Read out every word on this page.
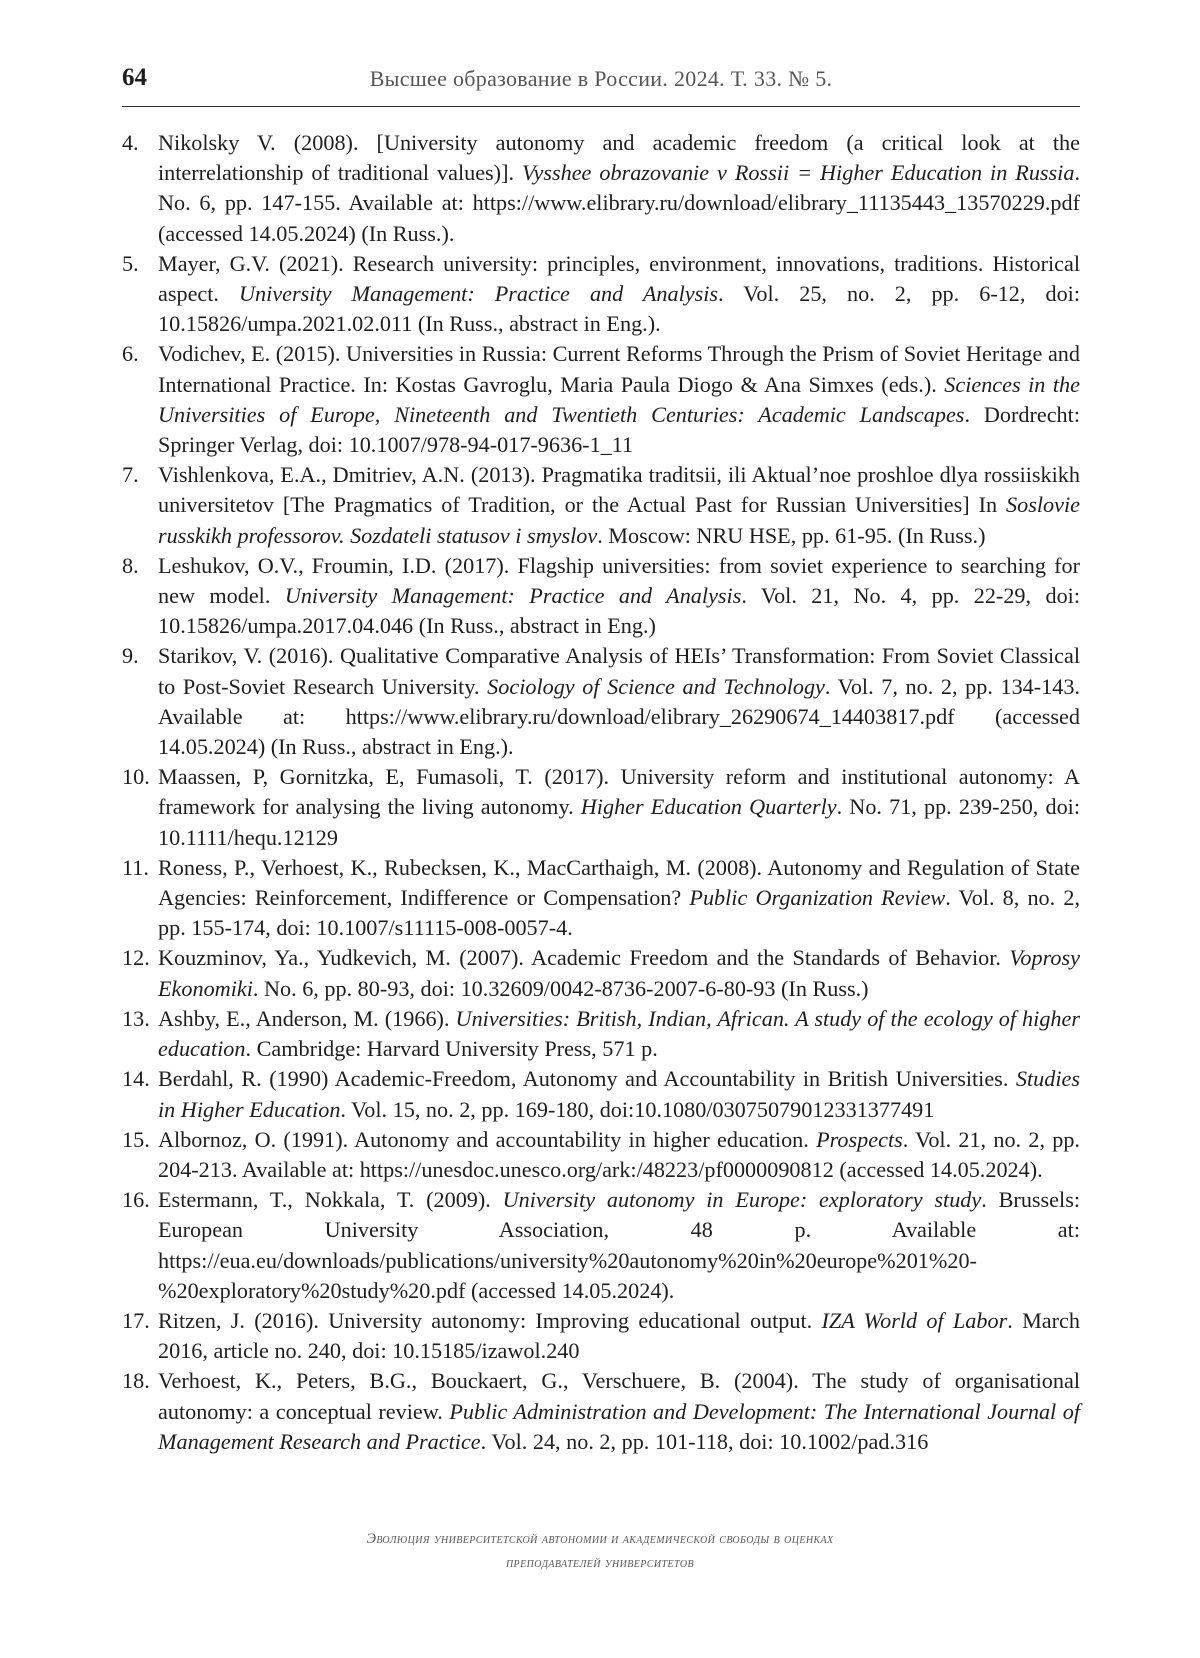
64	Высшее образование в России. 2024. Т. 33. № 5.
4. Nikolsky V. (2008). [University autonomy and academic freedom (a critical look at the interrelationship of traditional values)]. Vysshee obrazovanie v Rossii = Higher Education in Russia. No. 6, pp. 147-155. Available at: https://www.elibrary.ru/download/elibrary_11135443_13570229.pdf (accessed 14.05.2024) (In Russ.).
5. Mayer, G.V. (2021). Research university: principles, environment, innovations, traditions. Historical aspect. University Management: Practice and Analysis. Vol. 25, no. 2, pp. 6-12, doi: 10.15826/umpa.2021.02.011 (In Russ., abstract in Eng.).
6. Vodichev, E. (2015). Universities in Russia: Current Reforms Through the Prism of Soviet Heritage and International Practice. In: Kostas Gavroglu, Maria Paula Diogo & Ana Simxes (eds.). Sciences in the Universities of Europe, Nineteenth and Twentieth Centuries: Academic Landscapes. Dordrecht: Springer Verlag, doi: 10.1007/978-94-017-9636-1_11
7. Vishlenkova, E.A., Dmitriev, A.N. (2013). Pragmatika traditsii, ili Aktual’noe proshloe dlya rossiiskikh universitetov [The Pragmatics of Tradition, or the Actual Past for Russian Universities] In Soslovie russkikh professorov. Sozdateli statusov i smyslov. Moscow: NRU HSE, pp. 61-95. (In Russ.)
8. Leshukov, O.V., Froumin, I.D. (2017). Flagship universities: from soviet experience to searching for new model. University Management: Practice and Analysis. Vol. 21, No. 4, pp. 22-29, doi: 10.15826/umpa.2017.04.046 (In Russ., abstract in Eng.)
9. Starikov, V. (2016). Qualitative Comparative Analysis of HEIs’ Transformation: From Soviet Classical to Post-Soviet Research University. Sociology of Science and Technology. Vol. 7, no. 2, pp. 134-143. Available at: https://www.elibrary.ru/download/elibrary_26290674_14403817.pdf (accessed 14.05.2024) (In Russ., abstract in Eng.).
10. Maassen, P, Gornitzka, E, Fumasoli, T. (2017). University reform and institutional autonomy: A framework for analysing the living autonomy. Higher Education Quarterly. No. 71, pp. 239-250, doi: 10.1111/hequ.12129
11. Roness, P., Verhoest, K., Rubecksen, K., MacCarthaigh, M. (2008). Autonomy and Regulation of State Agencies: Reinforcement, Indifference or Compensation? Public Organization Review. Vol. 8, no. 2, pp. 155-174, doi: 10.1007/s11115-008-0057-4.
12. Kouzminov, Ya., Yudkevich, M. (2007). Academic Freedom and the Standards of Behavior. Voprosy Ekonomiki. No. 6, pp. 80-93, doi: 10.32609/0042-8736-2007-6-80-93 (In Russ.)
13. Ashby, E., Anderson, M. (1966). Universities: British, Indian, African. A study of the ecology of higher education. Cambridge: Harvard University Press, 571 p.
14. Berdahl, R. (1990) Academic-Freedom, Autonomy and Accountability in British Universities. Studies in Higher Education. Vol. 15, no. 2, pp. 169-180, doi:10.1080/03075079012331377491
15. Albornoz, O. (1991). Autonomy and accountability in higher education. Prospects. Vol. 21, no. 2, pp. 204-213. Available at: https://unesdoc.unesco.org/ark:/48223/pf0000090812 (accessed 14.05.2024).
16. Estermann, T., Nokkala, T. (2009). University autonomy in Europe: exploratory study. Brussels: European University Association, 48 p. Available at: https://eua.eu/downloads/publications/university%20autonomy%20in%20europe%201%20-%20exploratory%20study%20.pdf (accessed 14.05.2024).
17. Ritzen, J. (2016). University autonomy: Improving educational output. IZA World of Labor. March 2016, article no. 240, doi: 10.15185/izawol.240
18. Verhoest, K., Peters, B.G., Bouckaert, G., Verschuere, B. (2004). The study of organisational autonomy: a conceptual review. Public Administration and Development: The International Journal of Management Research and Practice. Vol. 24, no. 2, pp. 101-118, doi: 10.1002/pad.316
Эволюция университетской автономии и академической свободы в оценках
преподавателей университетов
